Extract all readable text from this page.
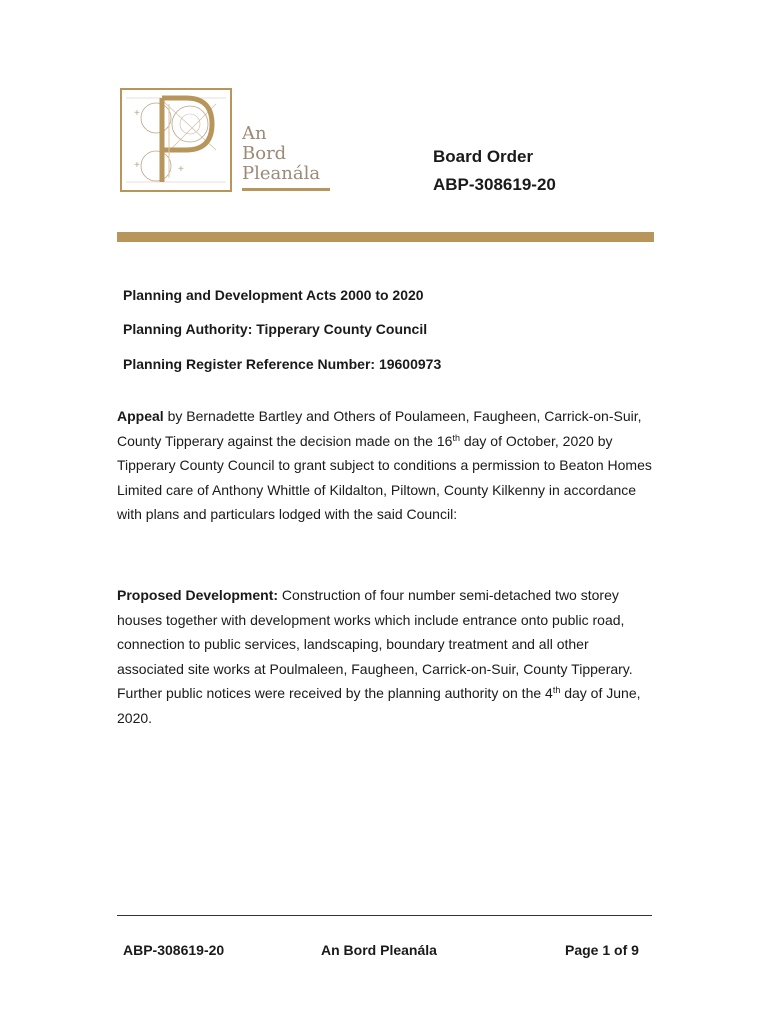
+
+	+
An
Bord
Pleanála
Board Order
ABP-308619-20
Planning and Development Acts 2000 to 2020
Planning Authority: Tipperary County Council
Planning Register Reference Number: 19600973

Appeal by Bernadette Bartley and Others of Poulameen, Faugheen, Carrick-on-Suir, County Tipperary against the decision made on the 16th day of October, 2020 by Tipperary County Council to grant subject to conditions a permission to Beaton Homes Limited care of Anthony Whittle of Kildalton, Piltown, County Kilkenny in accordance with plans and particulars lodged with the said Council:

Proposed Development: Construction of four number semi-detached two storey houses together with development works which include entrance onto public road, connection to public services, landscaping, boundary treatment and all other associated site works at Poulmaleen, Faugheen, Carrick-on-Suir, County Tipperary. Further public notices were received by the planning authority on the 4th day of June, 2020.

ABP-308619-20	An Bord Pleanála	Page 1 of 9
